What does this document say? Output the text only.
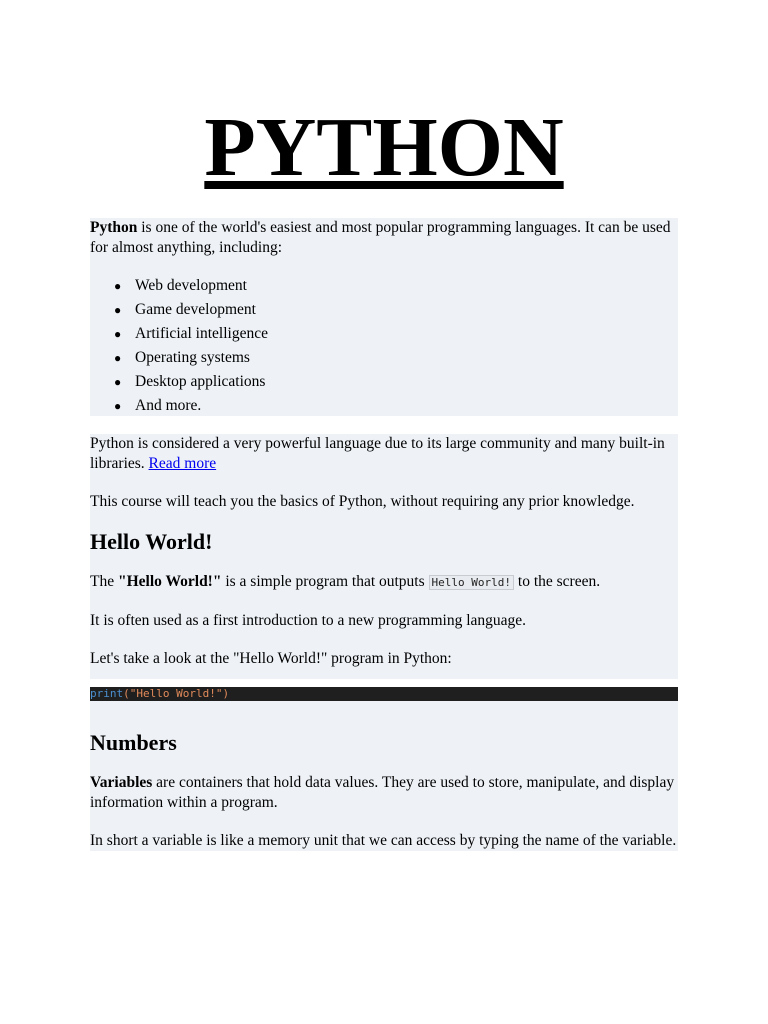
PYTHON

Python is one of the world's easiest and most popular programming languages. It can be used for almost anything, including:

● Web development
● Game development
● Artificial intelligence
● Operating systems
● Desktop applications
● And more.

Python is considered a very powerful language due to its large community and many built-in libraries. Read more

This course will teach you the basics of Python, without requiring any prior knowledge.

Hello World!

The "Hello World!" is a simple program that outputs Hello World! to the screen.

It is often used as a first introduction to a new programming language.

Let's take a look at the "Hello World!" program in Python:

print("Hello World!")
Numbers

Variables are containers that hold data values. They are used to store, manipulate, and display information within a program.

In short a variable is like a memory unit that we can access by typing the name of the variable.
